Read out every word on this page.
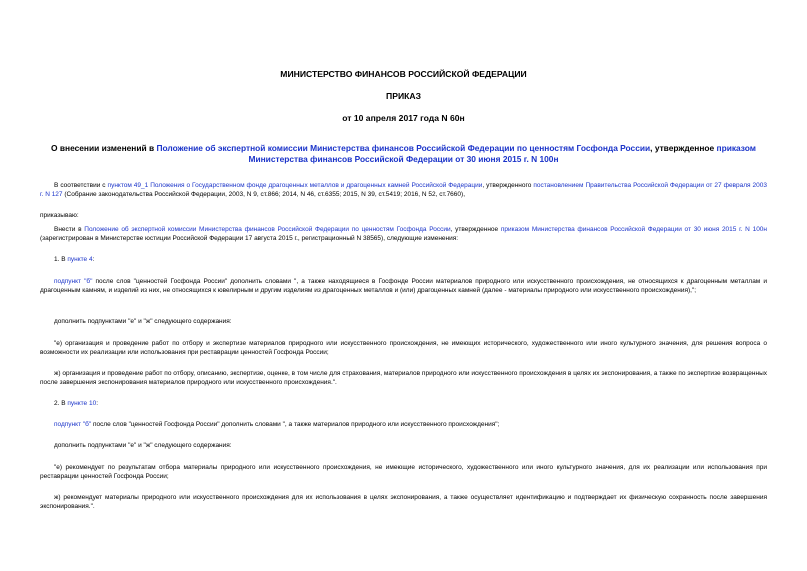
МИНИСТЕРСТВО ФИНАНСОВ РОССИЙСКОЙ ФЕДЕРАЦИИ
ПРИКАЗ
от 10 апреля 2017 года N 60н
О внесении изменений в Положение об экспертной комиссии Министерства финансов Российской Федерации по ценностям Госфонда России, утвержденное приказом Министерства финансов Российской Федерации от 30 июня 2015 г. N 100н
В соответствии с пунктом 49_1 Положения о Государственном фонде драгоценных металлов и драгоценных камней Российской Федерации, утвержденного постановлением Правительства Российской Федерации от 27 февраля 2003 г. N 127 (Собрание законодательства Российской Федерации, 2003, N 9, ст.866; 2014, N 46, ст.6355; 2015, N 39, ст.5419; 2016, N 52, ст.7660),
приказываю:
Внести в Положение об экспертной комиссии Министерства финансов Российской Федерации по ценностям Госфонда России, утвержденное приказом Министерства финансов Российской Федерации от 30 июня 2015 г. N 100н (зарегистрирован в Министерстве юстиции Российской Федерации 17 августа 2015 г., регистрационный N 38565), следующие изменения:
1. В пункте 4:
подпункт "б" после слов "ценностей Госфонда России" дополнить словами ", а также находящиеся в Госфонде России материалов природного или искусственного происхождения, не относящихся к драгоценным металлам и драгоценным камням, и изделий из них, не относящихся к ювелирным и другим изделиям из драгоценных металлов и (или) драгоценных камней (далее - материалы природного или искусственного происхождения),";
дополнить подпунктами "е" и "ж" следующего содержания:
"е) организация и проведение работ по отбору и экспертизе материалов природного или искусственного происхождения, не имеющих исторического, художественного или иного культурного значения, для решения вопроса о возможности их реализации или использования при реставрации ценностей Госфонда России;
ж) организация и проведение работ по отбору, описанию, экспертизе, оценке, в том числе для страхования, материалов природного или искусственного происхождения в целях их экспонирования, а также по экспертизе возвращенных после завершения экспонирования материалов природного или искусственного происхождения.".
2. В пункте 10:
подпункт "б" после слов "ценностей Госфонда России" дополнить словами ", а также материалов природного или искусственного происхождения";
дополнить подпунктами "е" и "ж" следующего содержания:
"е) рекомендует по результатам отбора материалы природного или искусственного происхождения, не имеющие исторического, художественного или иного культурного значения, для их реализации или использования при реставрации ценностей Госфонда России;
ж) рекомендует материалы природного или искусственного происхождения для их использования в целях экспонирования, а также осуществляет идентификацию и подтверждает их физическую сохранность после завершения экспонирования.".
